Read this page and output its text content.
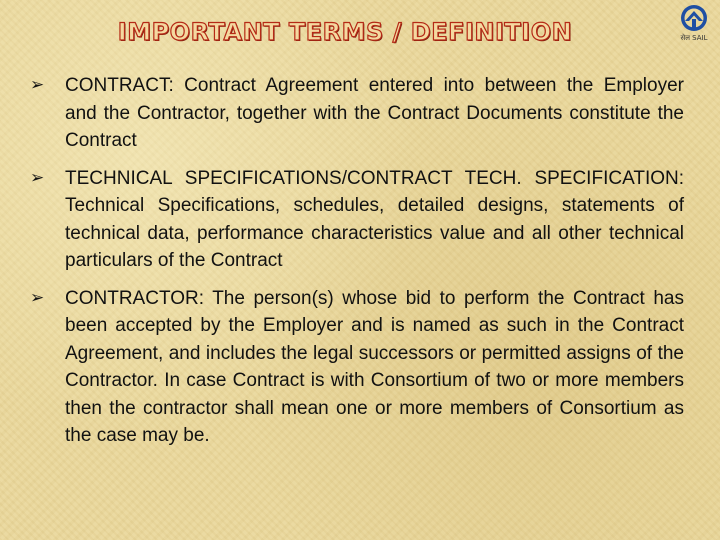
IMPORTANT TERMS / DEFINITION	सेल SAIL
➢ CONTRACT: Contract Agreement entered into between the Employer and the Contractor, together with the Contract Documents constitute the Contract
➢ TECHNICAL SPECIFICATIONS/CONTRACT TECH. SPECIFICATION: Technical Specifications, schedules, detailed designs, statements of technical data, performance characteristics value and all other technical particulars of the Contract
➢ CONTRACTOR: The person(s) whose bid to perform the Contract has been accepted by the Employer and is named as such in the Contract Agreement, and includes the legal successors or permitted assigns of the Contractor. In case Contract is with Consortium of two or more members then the contractor shall mean one or more members of Consortium as the case may be.
